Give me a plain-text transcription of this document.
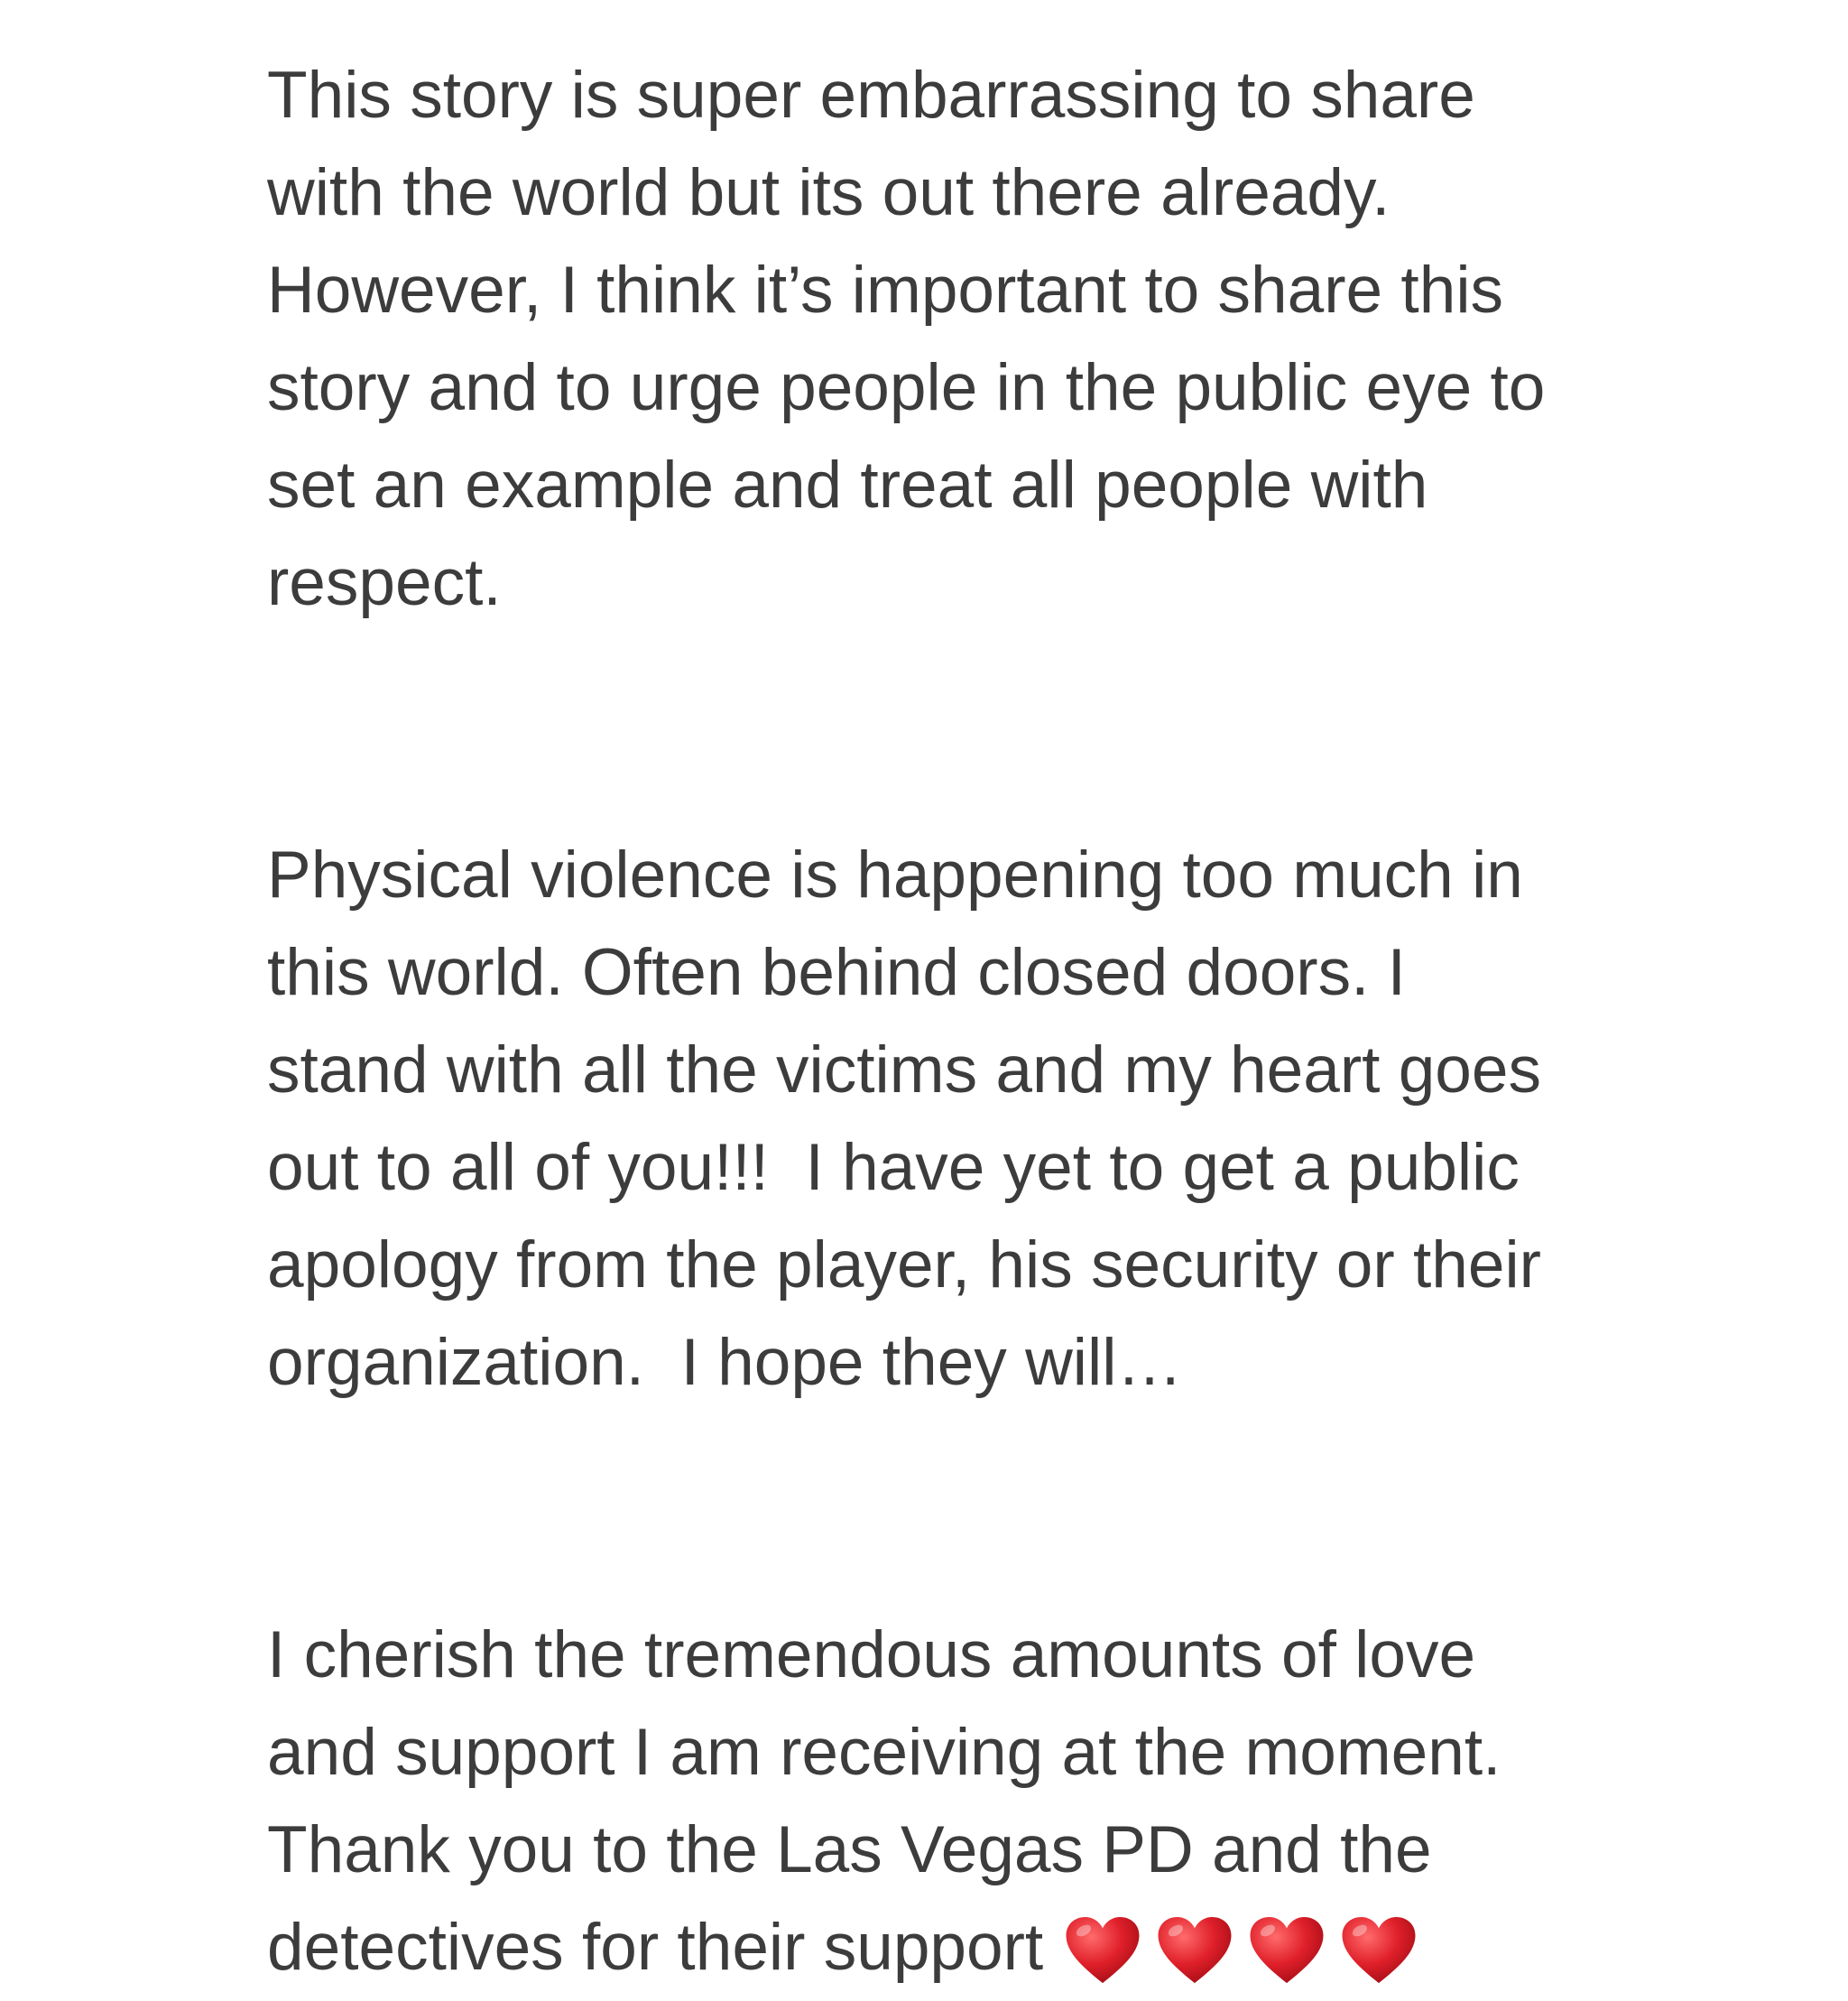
This story is super embarrassing to share
with the world but its out there already.
However, I think it’s important to share this
story and to urge people in the public eye to
set an example and treat all people with
respect.
Physical violence is happening too much in
this world. Often behind closed doors. I
stand with all the victims and my heart goes
out to all of you!!!  I have yet to get a public
apology from the player, his security or their
organization.  I hope they will…
I cherish the tremendous amounts of love
and support I am receiving at the moment.
Thank you to the Las Vegas PD and the
detectives for their support
